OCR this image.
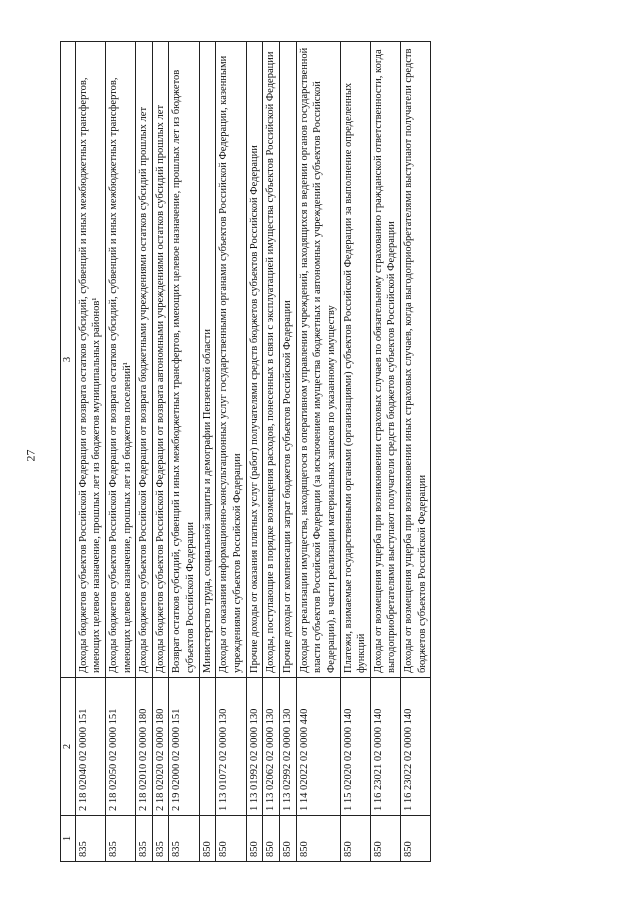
27
1	2	3
835	2 18 02040 02 0000 151	Доходы бюджетов субъектов Российской Федерации от возврата остатков субсидий, субвенций и иных межбюджетных трансфертов, имеющих целевое назначение, прошлых лет из бюджетов муниципальных районов¹
835	2 18 02050 02 0000 151	Доходы бюджетов субъектов Российской Федерации от возврата остатков субсидий, субвенций и иных межбюджетных трансфертов, имеющих целевое назначение, прошлых лет из бюджетов поселений¹
835	2 18 02010 02 0000 180	Доходы бюджетов субъектов Российской Федерации от возврата бюджетными учреждениями остатков субсидий прошлых лет
835	2 18 02020 02 0000 180	Доходы бюджетов субъектов Российской Федерации от возврата автономными учреждениями остатков субсидий прошлых лет
835	2 19 02000 02 0000 151	Возврат остатков субсидий, субвенций и иных межбюджетных трансфертов, имеющих целевое назначение, прошлых лет из бюджетов субъектов Российской Федерации
850		Министерство труда, социальной защиты и демографии Пензенской области
850	1 13 01072 02 0000 130	Доходы от оказания информационно-консультационных услуг государственными органами субъектов Российской Федерации, казенными учреждениями субъектов Российской Федерации
850	1 13 01992 02 0000 130	Прочие доходы от оказания платных услуг (работ) получателями средств бюджетов субъектов Российской Федерации
850	1 13 02062 02 0000 130	Доходы, поступающие в порядке возмещения расходов, понесенных в связи с эксплуатацией имущества субъектов Российской Федерации
850	1 13 02992 02 0000 130	Прочие доходы от компенсации затрат бюджетов субъектов Российской Федерации
850	1 14 02022 02 0000 440	Доходы от реализации имущества, находящегося в оперативном управлении учреждений, находящихся в ведении органов государственной власти субъектов Российской Федерации (за исключением имущества бюджетных и автономных учреждений субъектов Российской Федерации), в части реализации материальных запасов по указанному имуществу
850	1 15 02020 02 0000 140	Платежи, взимаемые государственными органами (организациями) субъектов Российской Федерации за выполнение определенных функций
850	1 16 23021 02 0000 140	Доходы от возмещения ущерба при возникновении страховых случаев по обязательному страхованию гражданской ответственности, когда выгодоприобретателями выступают получатели средств бюджетов субъектов Российской Федерации
850	1 16 23022 02 0000 140	Доходы от возмещения ущерба при возникновении иных страховых случаев, когда выгодоприобретателями выступают получатели средств бюджетов субъектов Российской Федерации
